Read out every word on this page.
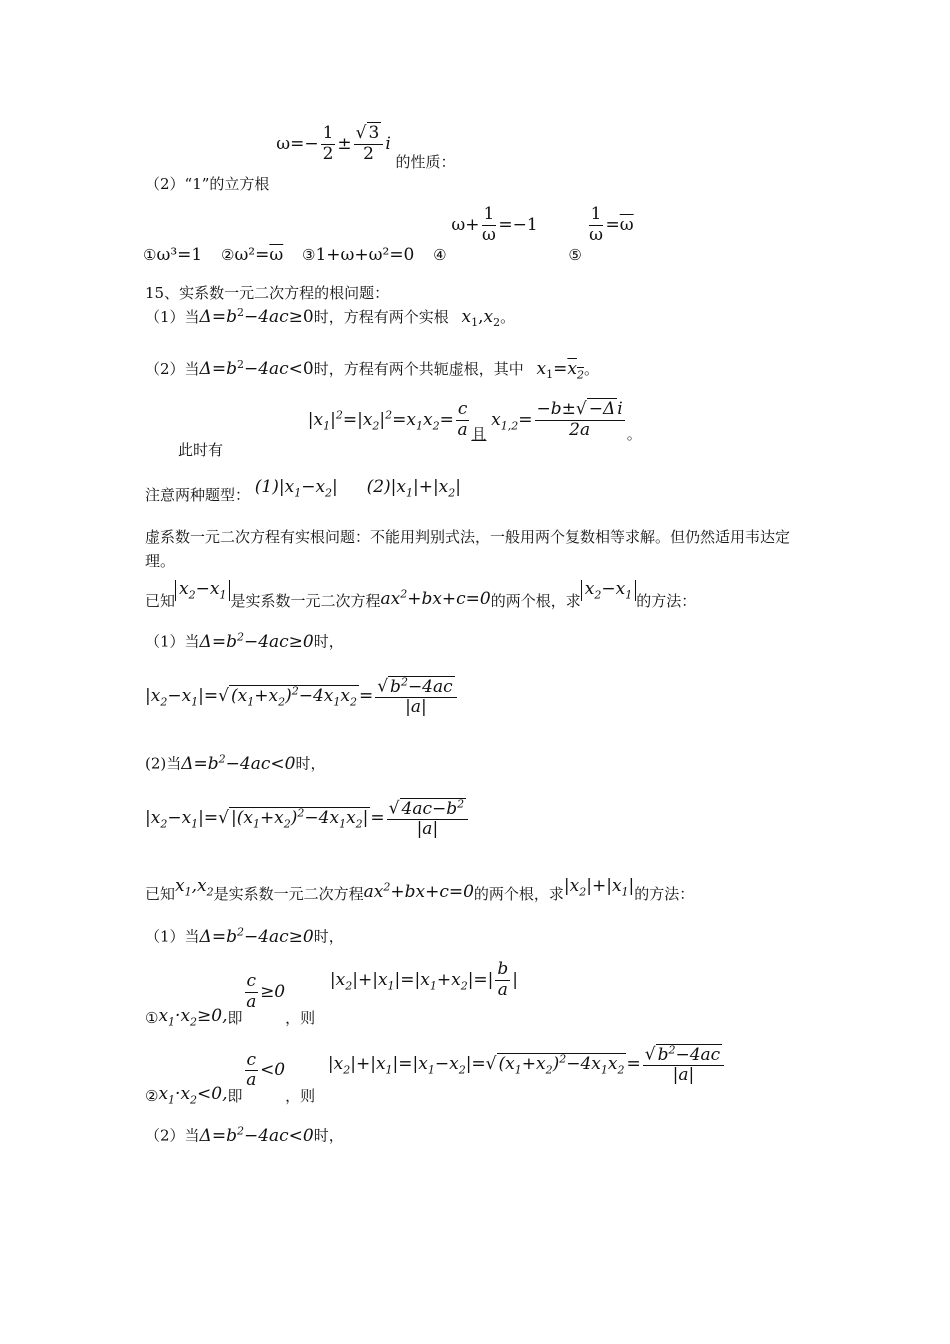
（2）“1”的立方根 $\omega=- \frac{1}{2} \pm \frac{√ 3}{2}$ i 的性质：
①ω³=1 $②\omega^2=\overline{\omega}$ ③1+ω+ω²=0 ④ $\omega+ \frac{1}{\omega} =-1$ ⑤
$\frac{1}{\omega} =\overline{\omega}$
15、实系数一元二次方程的根问题：
（1）当$\Delta=b^2-4ac\ge 0$时，方程有两个实根 $x_1,x_2$。
（2）当$\Delta=b^2-4ac<0$时，方程有两个共轭虚根，其中 $x_1=x_2$。
此时有 $|x_1|^2=|x_2|^2=x_1x_2= \frac{c}{a}$ 且 $x_{1,2}= \frac{\text{−b±√ −Δ i}}{2a}$ 。
注意两种题型： $(1)|x_1-x_2|$ $(2)|x_1|+|x_2|$
虚系数一元二次方程有实根问题：不能用判别式法，一般用两个复数相等求解。但仍然适用韦达定理。
已知$x_2-x_1$ 是实系数一元二次方程$ax^2+bx+c=0$的两个根，求$x_2-x_1$ 的方法：
（1）当$\Delta=b^2-4ac\ge 0$时，
$|x_2-x_1|=√$ $(x_1+x_2)^2-4x_1x_2 = \frac{√ b^2-4ac}{|a|}$
(2)当$\Delta=b^2-4ac<0$时，
$|x_2-x_1|=√$ $|(x_1+x_2)^2-4x_1x_2| = \frac{√ 4ac-b^2}{|a|}$
已知$x_1,x_2$是实系数一元二次方程$ax^2+bx+c=0$的两个根，求$|x_2|+|x_1|$的方法：
（1）当$\Delta=b^2-4ac\ge 0$时，
$①x_1\cdot x_2\ge 0$,即
$\frac{c}{a} \ge 0$，则 $|x_2|+|x_1|=|x_1+x_2|=| \frac{b}{a}$ |
$②x_1\cdot x_2<0$,即
$\frac{c}{a} <0$，则 $|x_2|+|x_1|=|x_1-x_2|=√$ $(x_1+x_2)^2-4x_1x_2 = \frac{√ b^2-4ac}{|a|}$
（2）当$\Delta=b^2-4ac<0$时，
